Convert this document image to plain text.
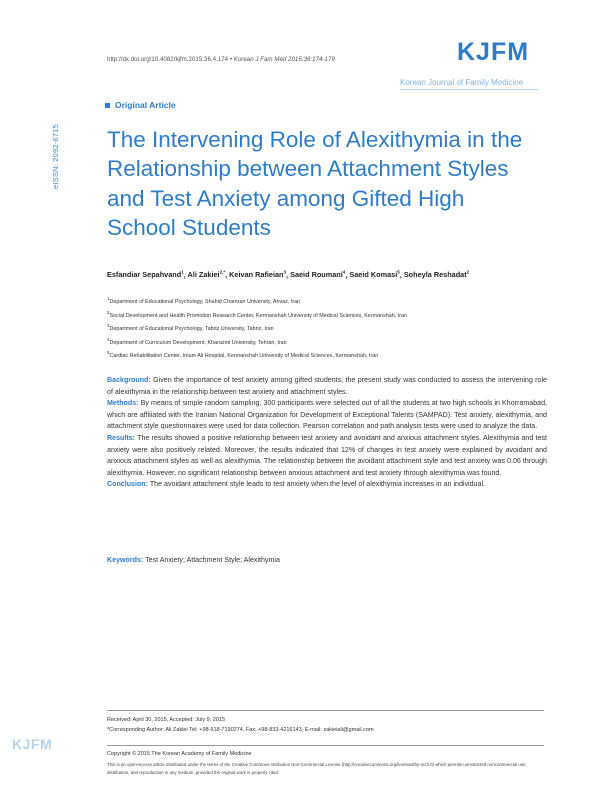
http://dx.doi.org/10.4082/kjfm.2015.36.4.174 • Korean J Fam Med 2015;36:174-179	KJFM
Korean Journal of Family Medicine
Original Article
eISSN: 2092-6715 The Intervening Role of Alexithymia in the Relationship between Attachment Styles and Test Anxiety among Gifted High School Students
Esfandiar Sepahvand$^1$, Ali Zakiei$^{2,*}$, Keivan Rafieian$^3$, Saeid Roumani$^4$, Saeid Komasi$^5$, Soheyla Reshadat$^2$
$^1$Department of Educational Psychology, Shahid Chamran University, Ahvaz, Iran
$^2$Social Development and Health Promotion Research Center, Kermanshah University of Medical Sciences, Kermanshah, Iran
$^3$Department of Educational Psychology, Tabriz University, Tabriz, Iran
$^4$Department of Curriculum Development, Kharazmi University, Tehran, Iran
$^5$Cardiac Rehabilitation Center, Imam Ali Hospital, Kermanshah University of Medical Sciences, Kermanshah, Iran

Background: Given the importance of test anxiety among gifted students, the present study was conducted to assess the intervening role of alexithymia in the relationship between test anxiety and attachment styles.

Methods: By means of simple random sampling, 300 participants were selected out of all the students at two high schools in Khorramabad, which are affiliated with the Iranian National Organization for Development of Exceptional Talents (SAMPAD). Test anxiety, alexithymia, and attachment style questionnaires were used for data collection. Pearson correlation and path analysis tests were used to analyze the data.

Results: The results showed a positive relationship between test anxiety and avoidant and anxious attachment styles. Alexithymia and test anxiety were also positively related. Moreover, the results indicated that 12% of changes in test anxiety were explained by avoidant and anxious attachment styles as well as alexithymia. The relationship between the avoidant attachment style and test anxiety was 0.06 through alexithymia. However, no significant relationship between anxious attachment and test anxiety through alexithymia was found.

Conclusion: The avoidant attachment style leads to test anxiety when the level of alexithymia increases in an individual.

Keywords: Test Anxiety; Attachment Style; Alexithymia
Received: April 30, 2015, Accepted: July 9, 2015
*Corresponding Author: Ali Zakiei Tel: +98-918-7190274, Fax: +98-833-4216143, E-mail: zakieiali@gmail.com
Copyright © 2015 The Korean Academy of Family Medicine
This is an open-access article distributed under the terms of the Creative Commons Attribution Non-Commercial License (http://creativecommons.org/licenses/by-nc/3.0) which permits unrestricted noncommercial use, distribution, and reproduction in any medium, provided the original work is properly cited.
KJFM
